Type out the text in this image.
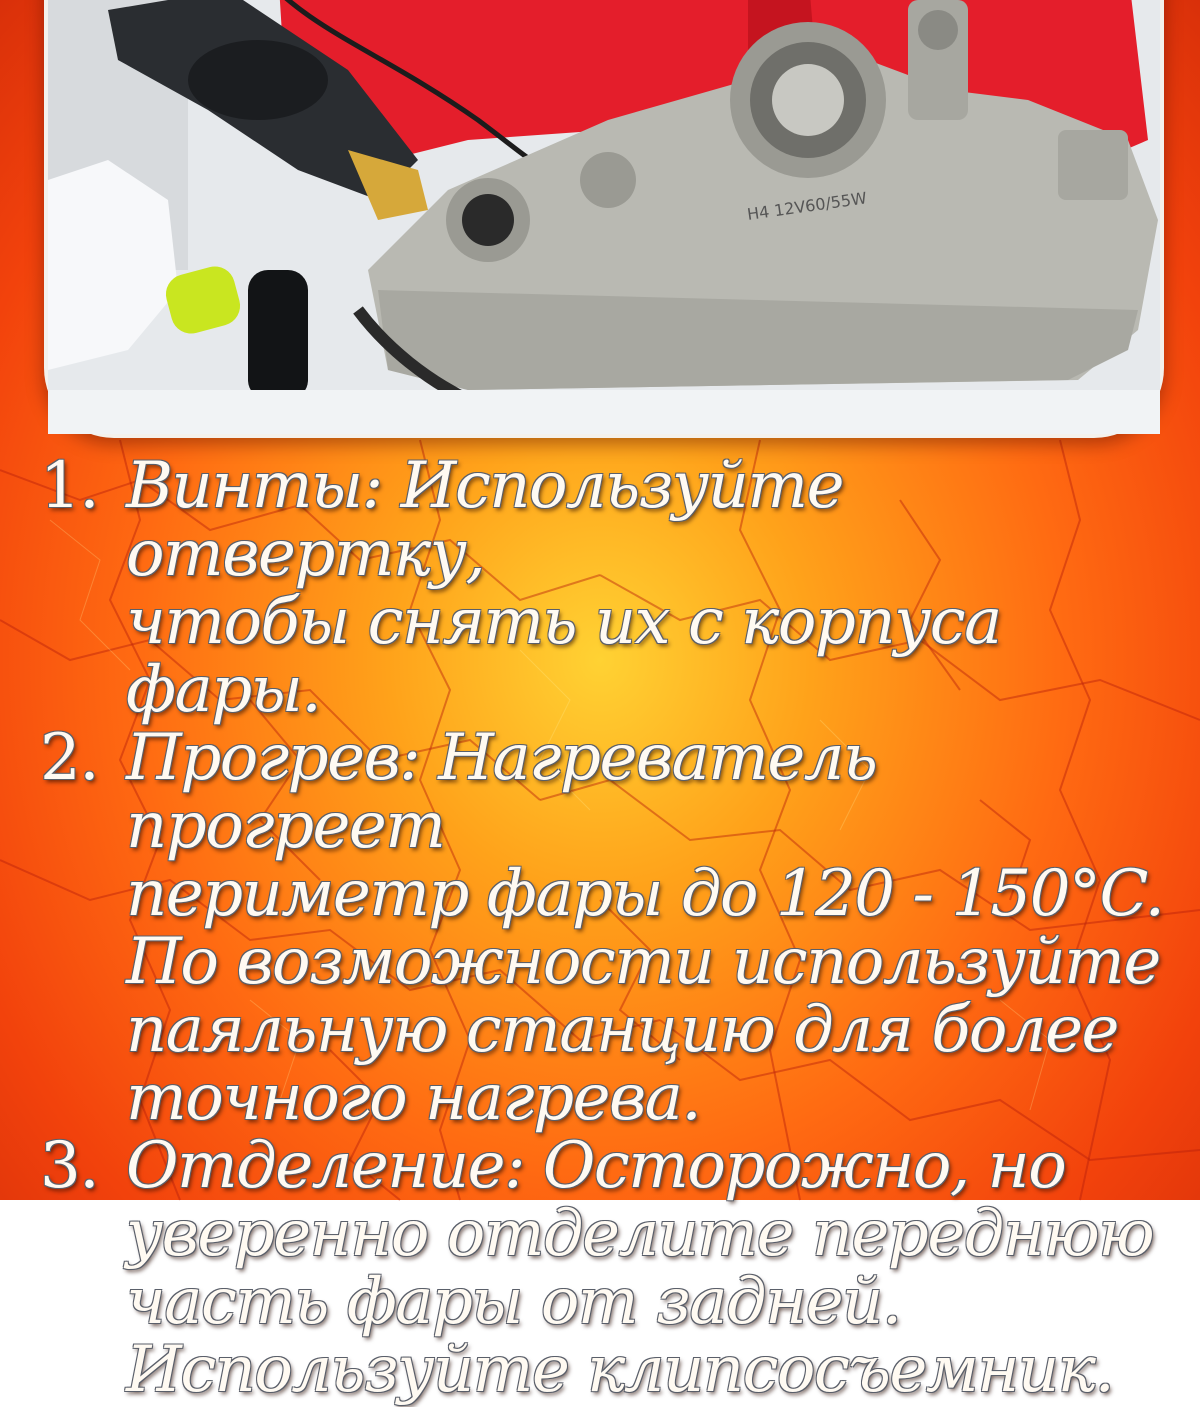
H4 12V60/55W
1. Винты: Используйте отвертку,
чтобы снять их с корпуса фары.
2. Прогрев: Нагреватель прогреет
периметр фары до 120 - 150°C.
По возможности используйте
паяльную станцию для более
точного нагрева.
3. Отделение: Осторожно, но
уверенно отделите переднюю
часть фары от задней.
Используйте клипсосъемник.
